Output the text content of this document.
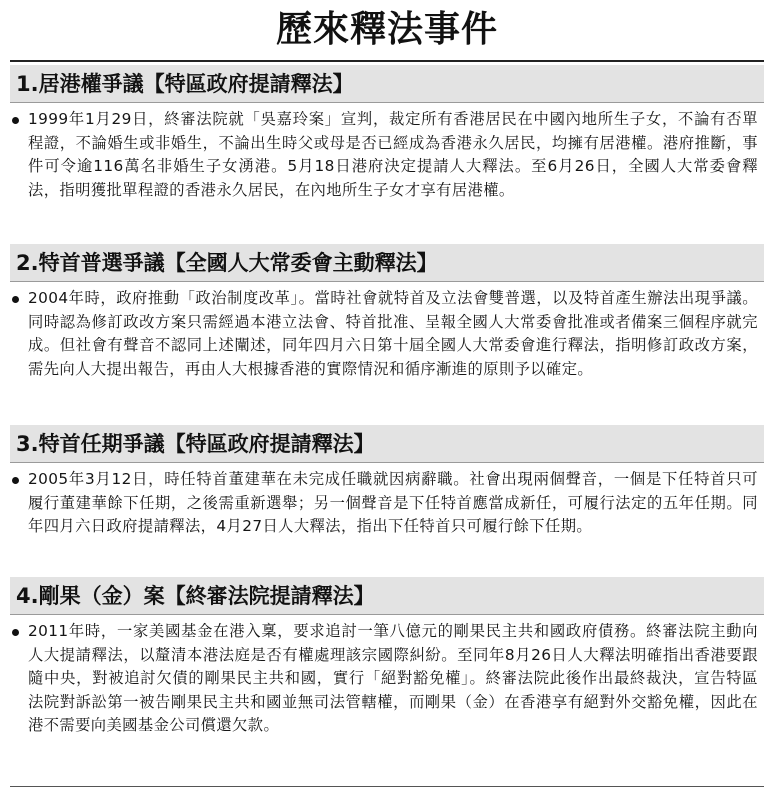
歷來釋法事件
1.居港權爭議【特區政府提請釋法】
1999年1月29日，終審法院就「吳嘉玲案」宣判，裁定所有香港居民在中國內地所生子女，不論有否單程證，不論婚生或非婚生，不論出生時父或母是否已經成為香港永久居民，均擁有居港權。港府推斷，事件可令逾116萬名非婚生子女湧港。5月18日港府決定提請人大釋法。至6月26日，全國人大常委會釋法，指明獲批單程證的香港永久居民，在內地所生子女才享有居港權。
2.特首普選爭議【全國人大常委會主動釋法】
2004年時，政府推動「政治制度改革」。當時社會就特首及立法會雙普選，以及特首產生辦法出現爭議。同時認為修訂政改方案只需經過本港立法會、特首批准、呈報全國人大常委會批准或者備案三個程序就完成。但社會有聲音不認同上述闡述，同年四月六日第十屆全國人大常委會進行釋法，指明修訂政改方案，需先向人大提出報告，再由人大根據香港的實際情況和循序漸進的原則予以確定。
3.特首任期爭議【特區政府提請釋法】
2005年3月12日，時任特首董建華在未完成任職就因病辭職。社會出現兩個聲音，一個是下任特首只可履行董建華餘下任期，之後需重新選舉；另一個聲音是下任特首應當成新任，可履行法定的五年任期。同年四月六日政府提請釋法，4月27日人大釋法，指出下任特首只可履行餘下任期。
4.剛果（金）案【終審法院提請釋法】
2011年時，一家美國基金在港入稟，要求追討一筆八億元的剛果民主共和國政府債務。終審法院主動向人大提請釋法，以釐清本港法庭是否有權處理該宗國際糾紛。至同年8月26日人大釋法明確指出香港要跟隨中央，對被追討欠債的剛果民主共和國，實行「絕對豁免權」。終審法院此後作出最終裁決，宣告特區法院對訴訟第一被告剛果民主共和國並無司法管轄權，而剛果（金）在香港享有絕對外交豁免權，因此在港不需要向美國基金公司償還欠款。
